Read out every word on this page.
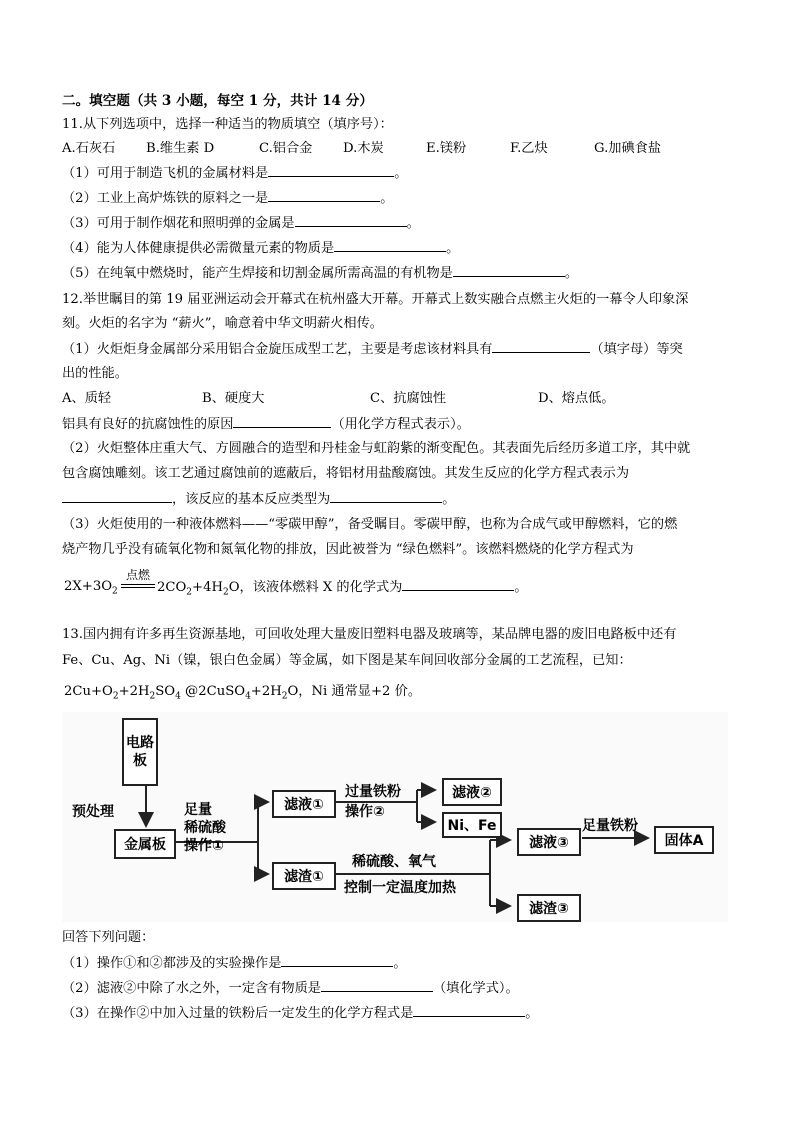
二。填空题（共 3 小题，每空 1 分，共计 14 分）
11.从下列选项中，选择一种适当的物质填空（填序号）：
A.石灰石 B.维生素 D	C.铝合金 D.木炭	E.镁粉	F.乙炔	G.加碘食盐
（1）可用于制造飞机的金属材料是	。
（2）工业上高炉炼铁的原料之一是	。
（3）可用于制作烟花和照明弹的金属是	。
（4）能为人体健康提供必需微量元素的物质是	。
（5）在纯氧中燃烧时，能产生焊接和切割金属所需高温的有机物是	。
12.举世瞩目的第 19 届亚洲运动会开幕式在杭州盛大开幕。开幕式上数实融合点燃主火炬的一幕令人印象深
刻。火炬的名字为 “薪火”，喻意着中华文明薪火相传。
（1）火炬炬身金属部分采用铝合金旋压成型工艺，主要是考虑该材料具有	（填字母）等突
出的性能。
A、质轻	B、硬度大	C、抗腐蚀性	D、熔点低。
铝具有良好的抗腐蚀性的原因	（用化学方程式表示）。
（2）火炬整体庄重大气、方圆融合的造型和丹桂金与虹韵紫的渐变配色。其表面先后经历多道工序，其中就
包含腐蚀雕刻。该工艺通过腐蚀前的遮蔽后，将铝材用盐酸腐蚀。其发生反应的化学方程式表示为
，该反应的基本反应类型为	。
（3）火炬使用的一种液体燃料——“零碳甲醇”，备受瞩目。零碳甲醇，也称为合成气或甲醇燃料，它的燃
烧产物几乎没有硫氧化物和氮氧化物的排放，因此被誉为 “绿色燃料”。该燃料燃烧的化学方程式为
点燃
$2X+3O_2$	$2CO_2+4H_2O$，该液体燃料 X 的化学式为	。
13.国内拥有许多再生资源基地，可回收处理大量废旧塑料电器及玻璃等，某品牌电器的废旧电路板中还有
Fe、Cu、Ag、Ni（镍，银白色金属）等金属，如下图是某车间回收部分金属的工艺流程，已知：
$2Cu+O_2+2H_2SO_4$ $@2CuSO_4+2H_2O$，Ni 通常显+2 价。
电路板
预处理
金属板
足量
稀硫酸
操作①
滤液①
滤渣①
过量铁粉
操作②
滤液②
Ni、Fe
稀硫酸、氧气
控制一定温度加热
滤液③
滤渣③
足量铁粉
固体A
回答下列问题：
（1）操作①和②都涉及的实验操作是	。
（2）滤液②中除了水之外，一定含有物质是	（填化学式）。
（3）在操作②中加入过量的铁粉后一定发生的化学方程式是	。
